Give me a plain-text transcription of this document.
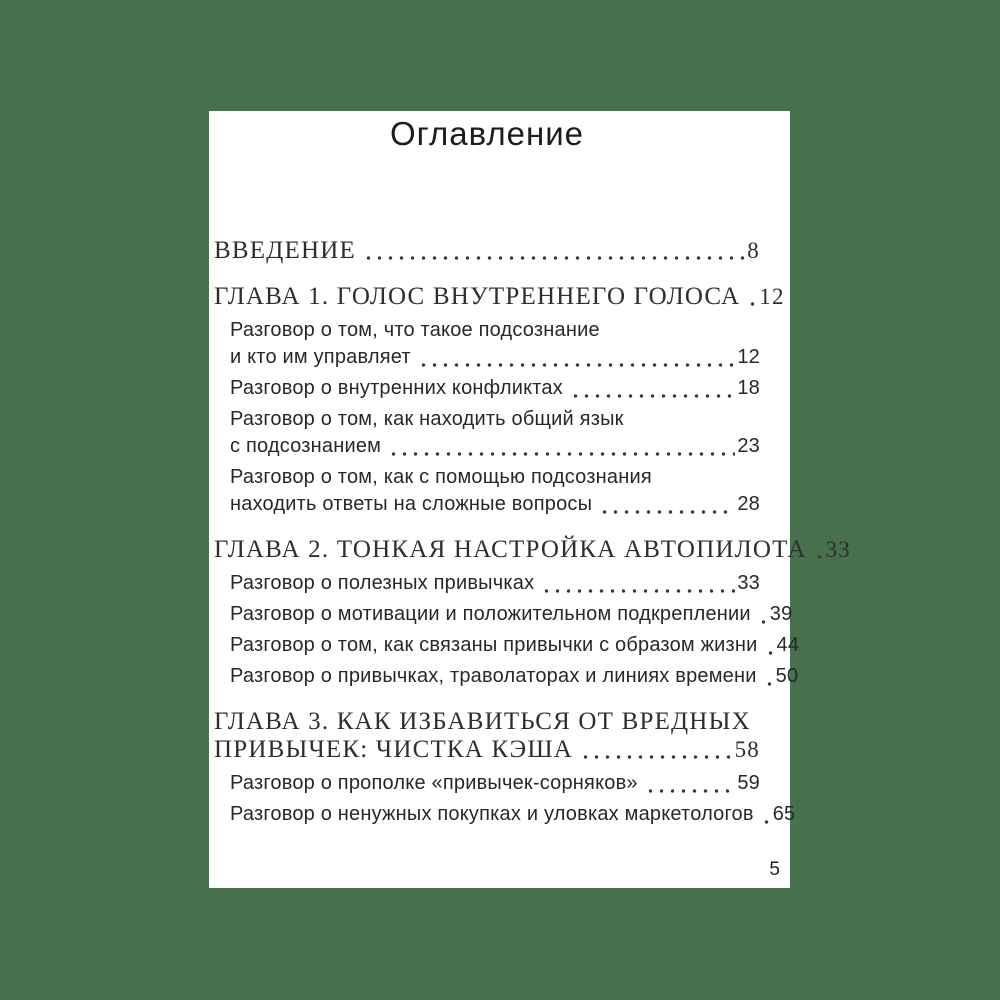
Оглавление
ВВЕДЕНИЕ	8
ГЛАВА 1. ГОЛОС ВНУТРЕННЕГО ГОЛОСА 12
Разговор о том, что такое подсознание
и кто им управляет	12
Разговор о внутренних конфликтах	18
Разговор о том, как находить общий язык
с подсознанием	23
Разговор о том, как с помощью подсознания
находить ответы на сложные вопросы	28
ГЛАВА 2. ТОНКАЯ НАСТРОЙКА АВТОПИЛОТА 33
Разговор о полезных привычках	33
Разговор о мотивации и положительном подкреплении 39
Разговор о том, как связаны привычки с образом жизни 44
Разговор о привычках, траволаторах и линиях времени 50
ГЛАВА 3. КАК ИЗБАВИТЬСЯ ОТ ВРЕДНЫХ
ПРИВЫЧЕК: ЧИСТКА КЭША	58
Разговор о прополке «привычек-сорняков»	59
Разговор о ненужных покупках и уловках маркетологов 65
5
